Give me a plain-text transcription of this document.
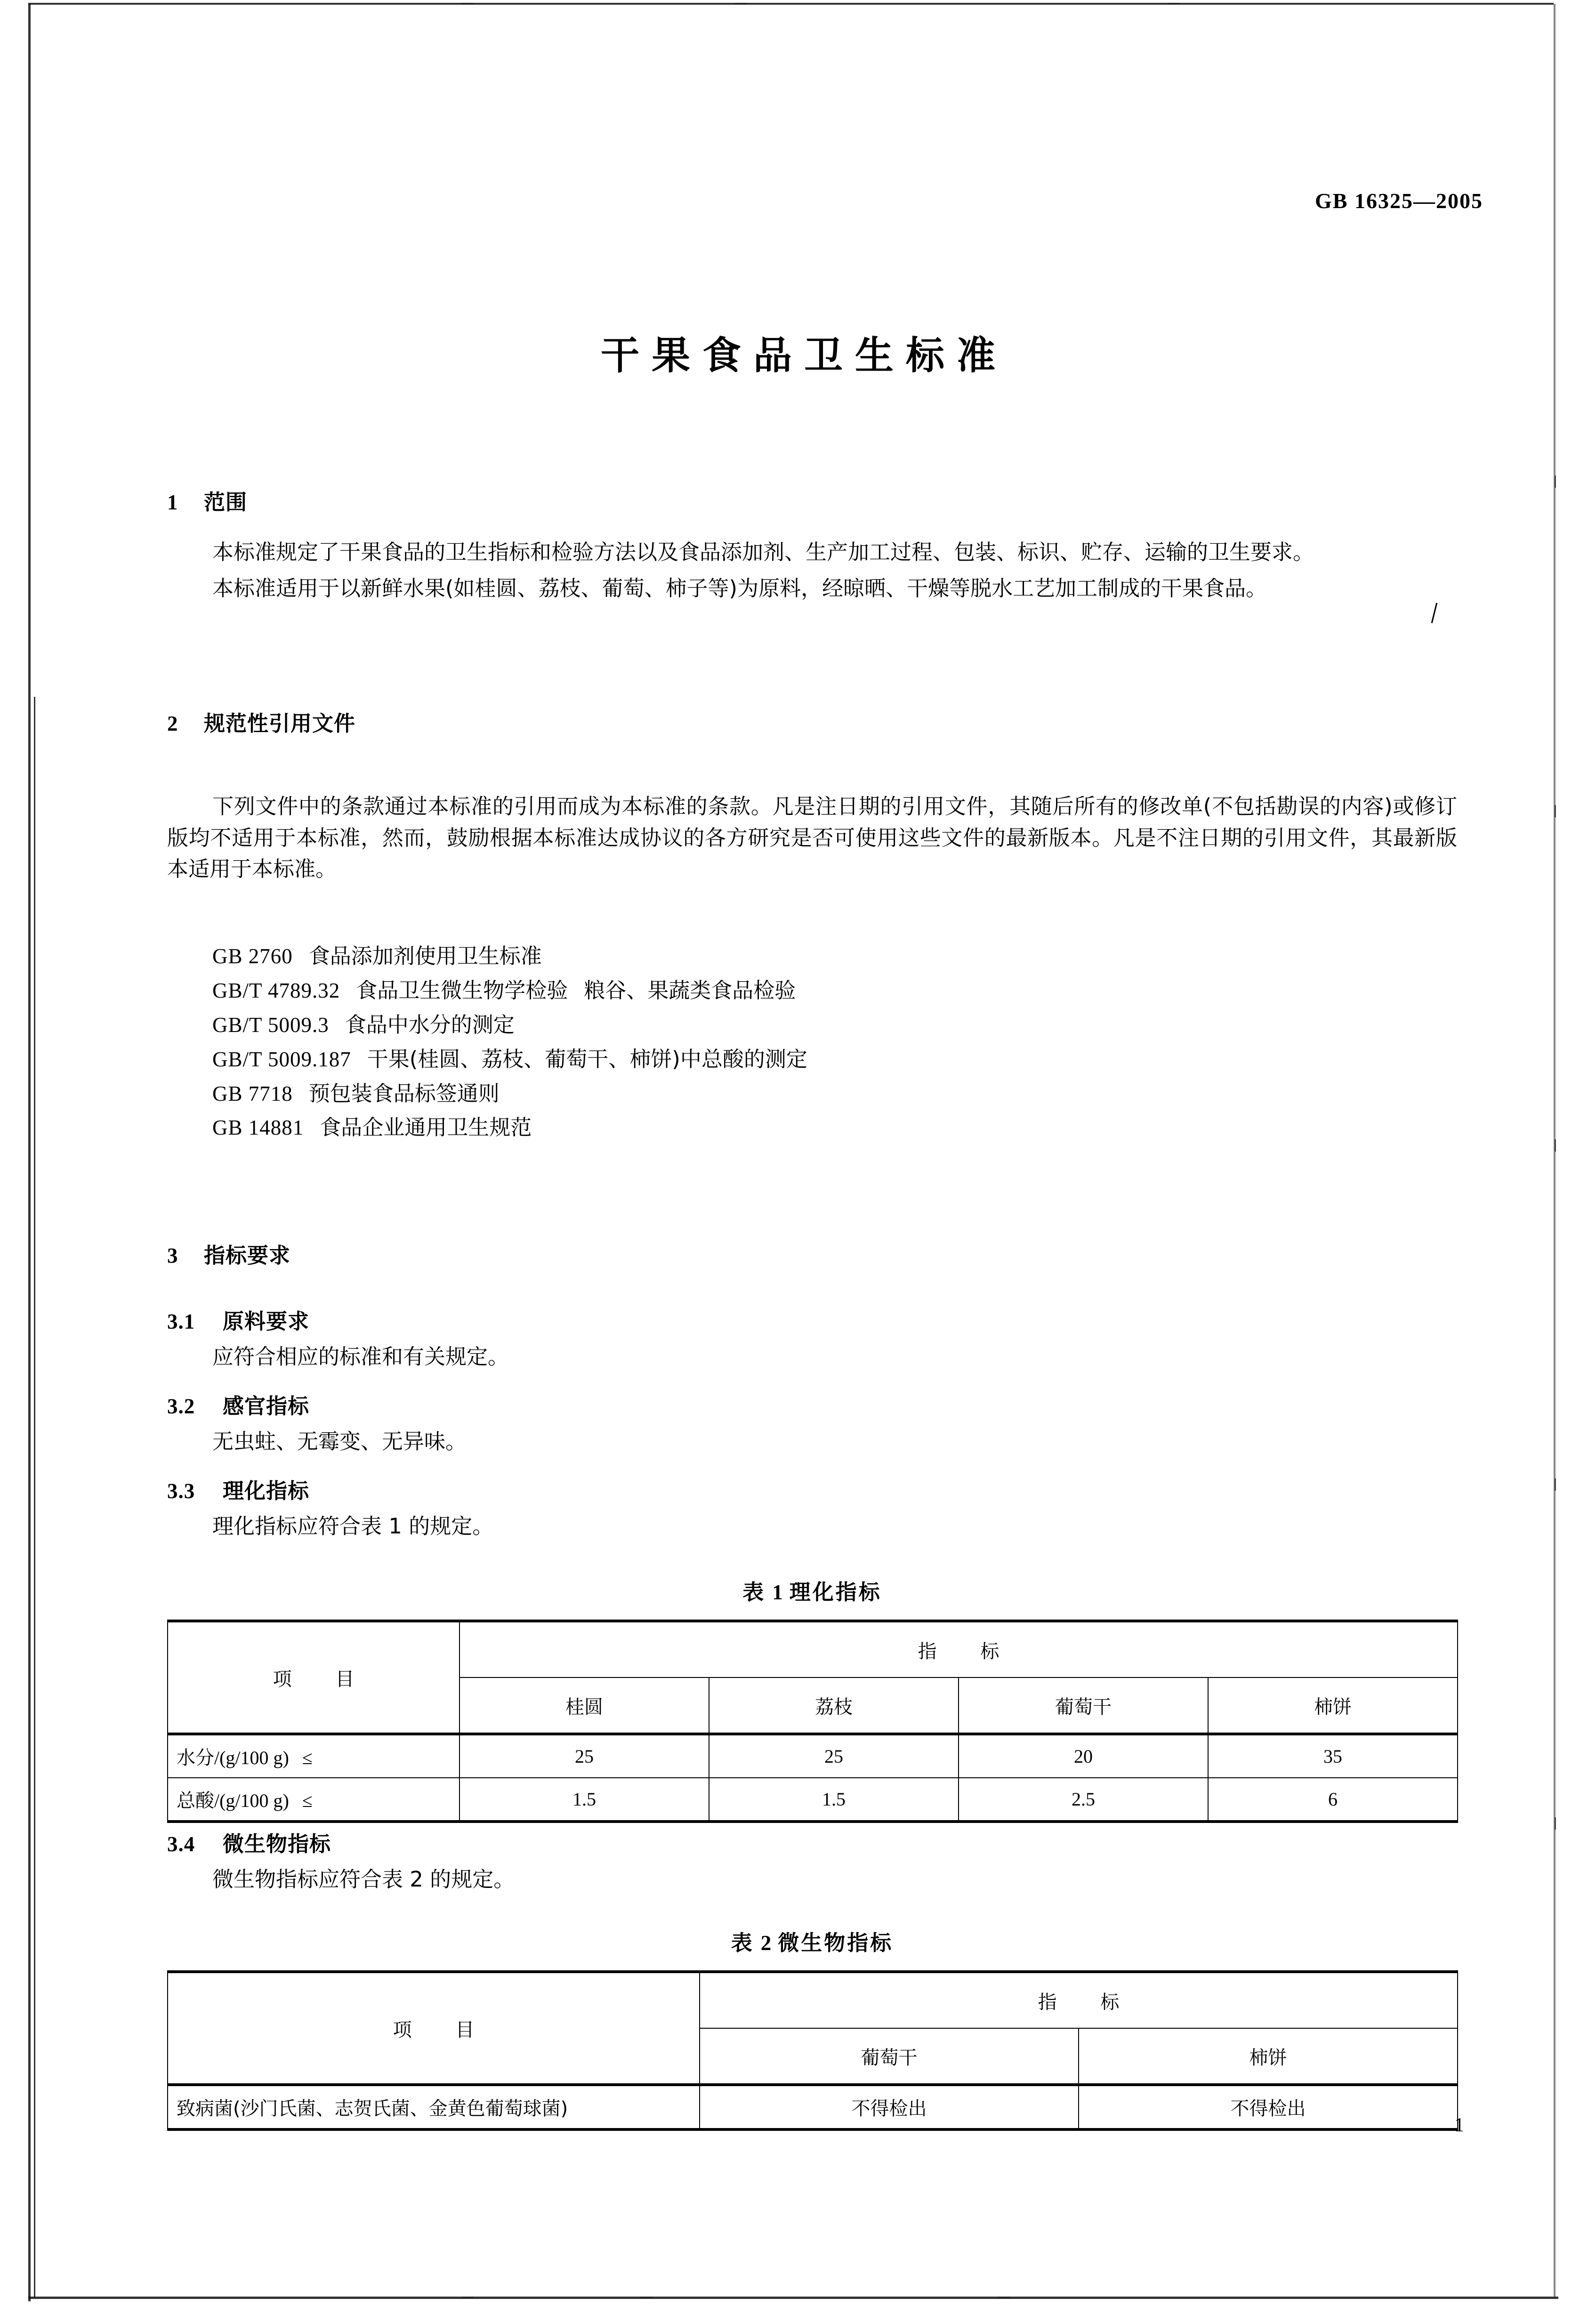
GB 16325—2005
干果食品卫生标准
1 范围

本标准规定了干果食品的卫生指标和检验方法以及食品添加剂、生产加工过程、包装、标识、贮存、运输的卫生要求。

本标准适用于以新鲜水果(如桂圆、荔枝、葡萄、柿子等)为原料，经晾晒、干燥等脱水工艺加工制成的干果食品。

2 规范性引用文件

下列文件中的条款通过本标准的引用而成为本标准的条款。凡是注日期的引用文件，其随后所有的修改单(不包括勘误的内容)或修订版均不适用于本标准，然而，鼓励根据本标准达成协议的各方研究是否可使用这些文件的最新版本。凡是不注日期的引用文件，其最新版本适用于本标准。

GB 2760 食品添加剂使用卫生标准
GB/T 4789.32 食品卫生微生物学检验 粮谷、果蔬类食品检验
GB/T 5009.3 食品中水分的测定
GB/T 5009.187 干果(桂圆、荔枝、葡萄干、柿饼)中总酸的测定
GB 7718 预包装食品标签通则
GB 14881 食品企业通用卫生规范
3 指标要求
3.1 原料要求

应符合相应的标准和有关规定。

3.2 感官指标

无虫蛀、无霉变、无异味。

3.3 理化指标

理化指标应符合表 1 的规定。

表 1 理化指标
项 目	指 标			
	桂圆	荔枝	葡萄干	柿饼
水分/(g/100 g) ≤	25	25	20	35
总酸/(g/100 g) ≤	1.5	1.5	2.5	6
3.4 微生物指标

微生物指标应符合表 2 的规定。

表 2 微生物指标
项 目	指 标	
	葡萄干	柿饼
致病菌(沙门氏菌、志贺氏菌、金黄色葡萄球菌)	不得检出	不得检出
1
